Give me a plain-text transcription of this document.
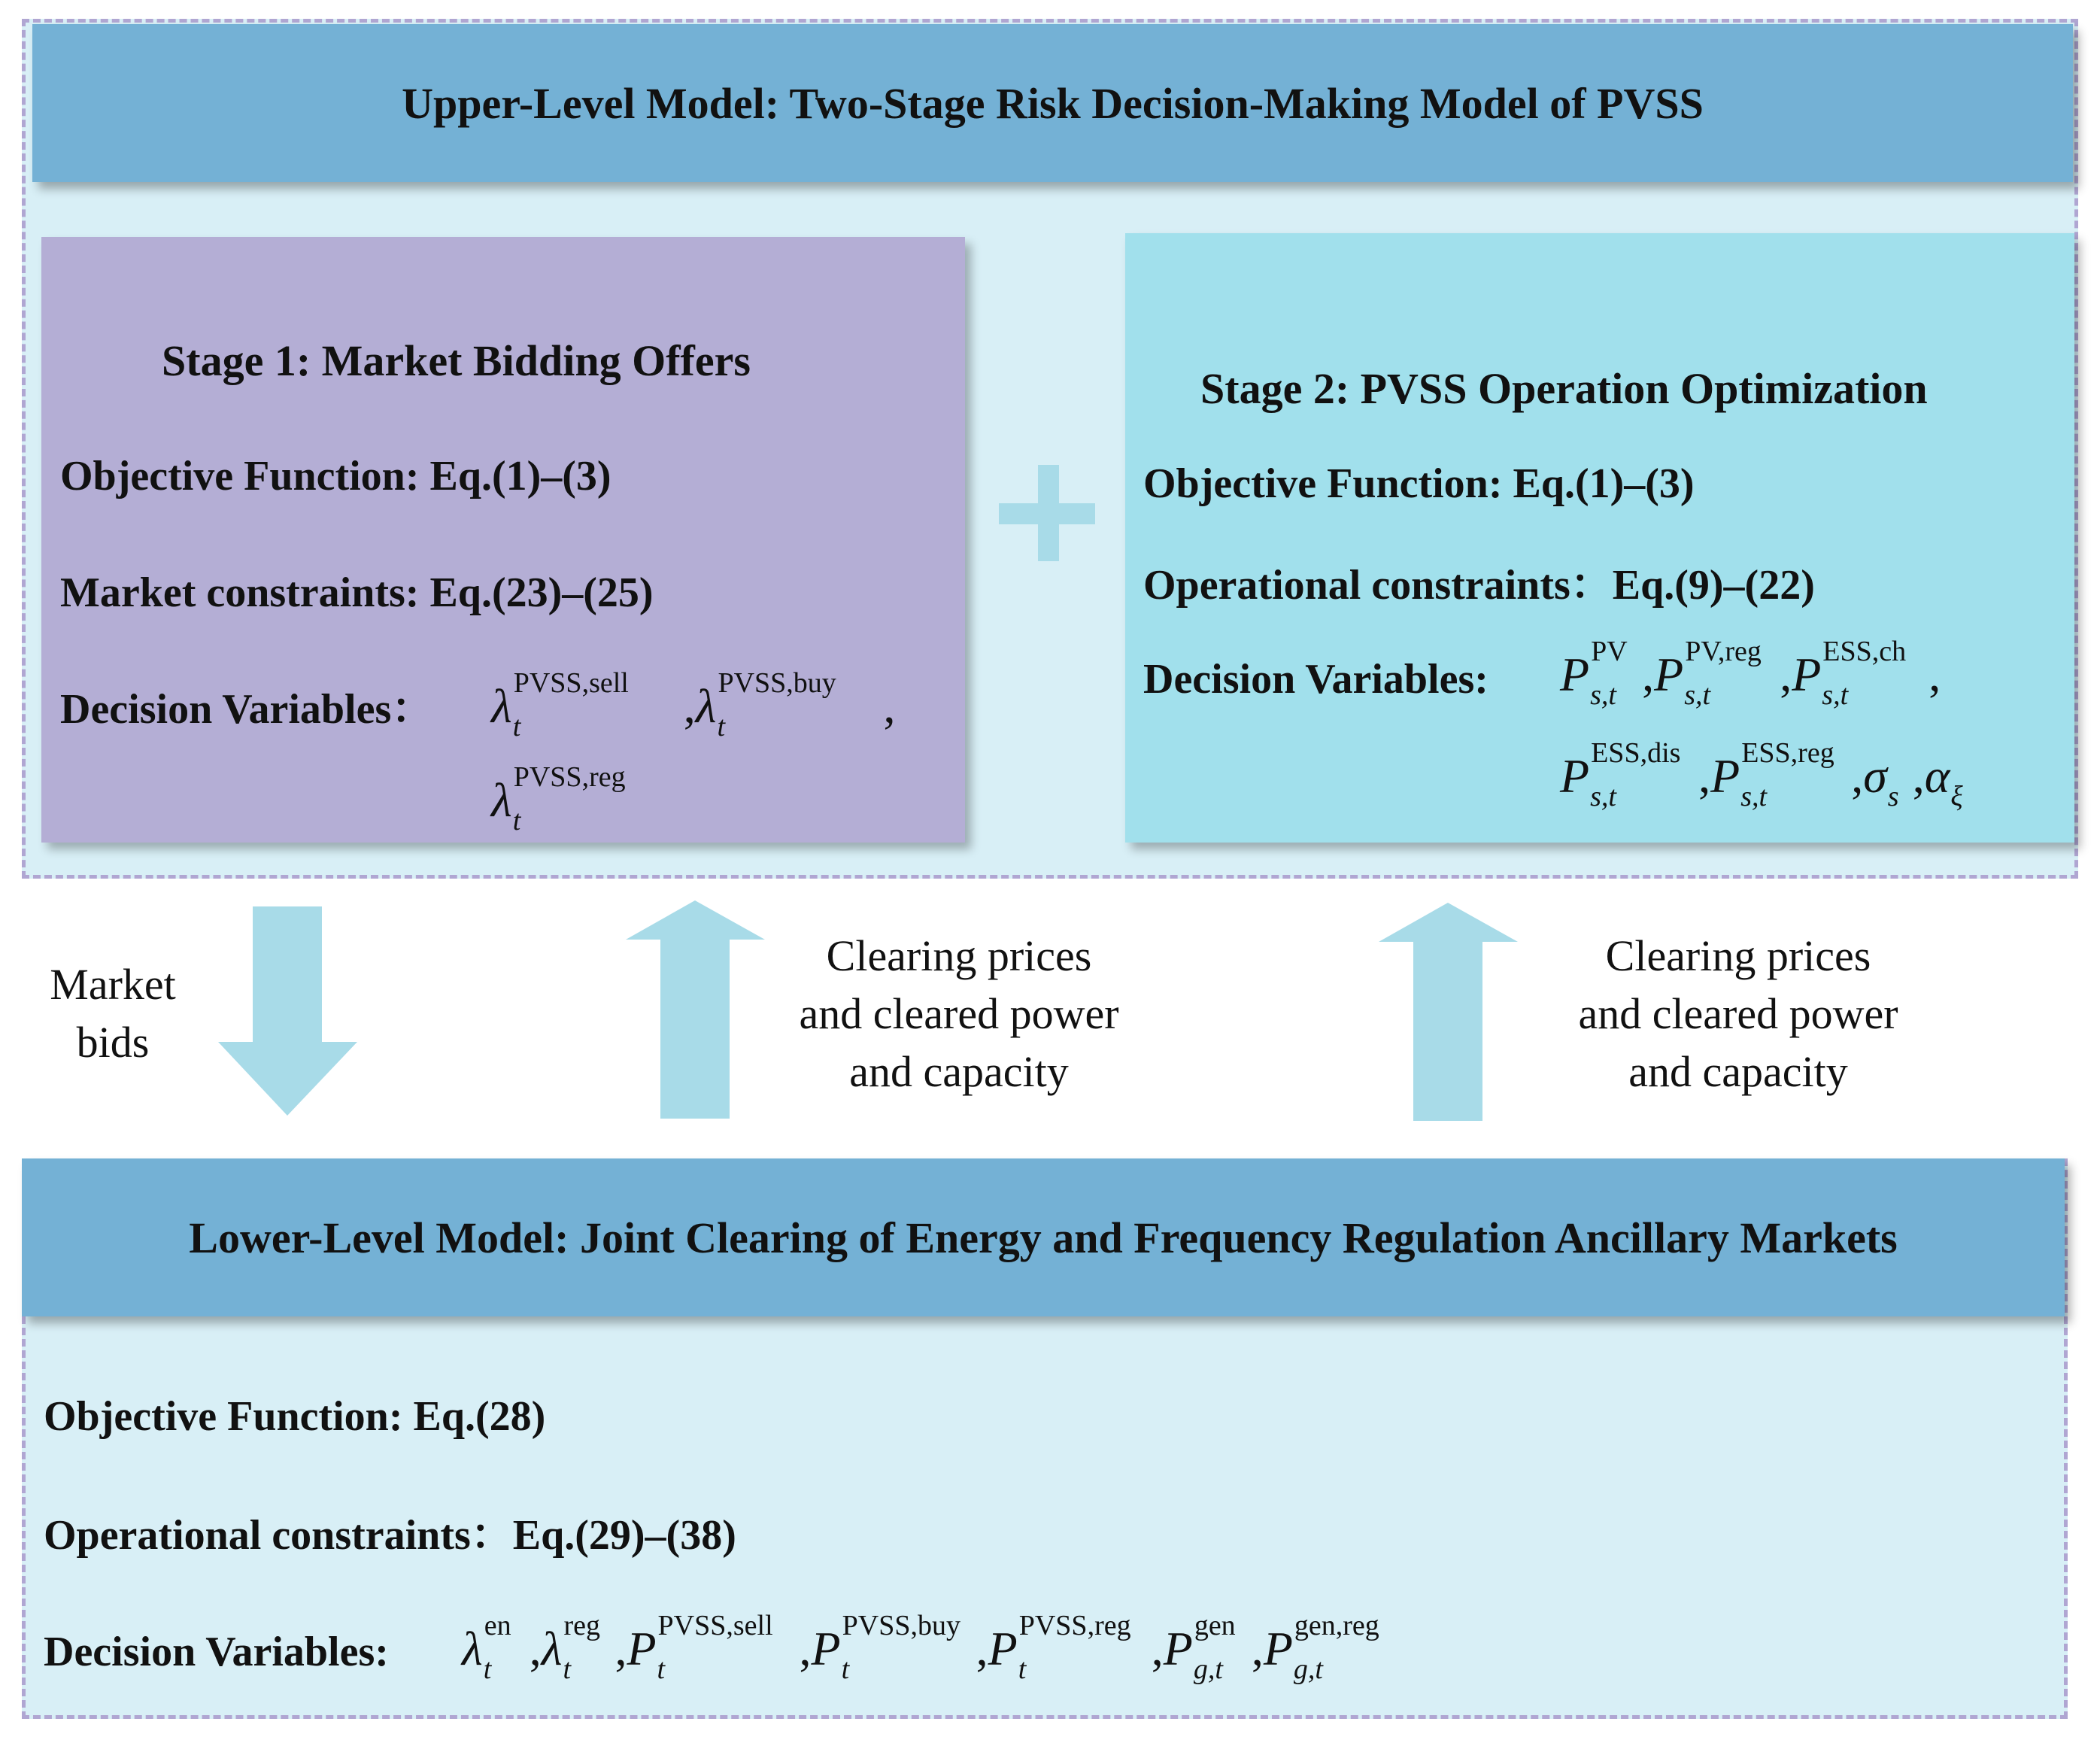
Upper-Level Model: Two-Stage Risk Decision-Making Model of PVSS
Stage 1: Market Bidding Offers
Objective Function: Eq.(1)–(3)
Market constraints: Eq.(23)–(25)
Decision Variables： λ PVSS,sell
t	,λ PVSS,buy
t	,
λ PVSS,reg
t
Stage 2: PVSS Operation Optimization
Objective Function: Eq.(1)–(3)
Operational constraints：Eq.(9)–(22)
Decision Variables: P PV
s,t ,P PV,reg
s,t ,P ESS,ch
s,t ,
P ESS,dis
s,t ,P ESS,reg
s,t ,σ s ,α ξ
Market
bids
Clearing prices
and cleared power
and capacity
Clearing prices
and cleared power
and capacity
Lower-Level Model: Joint Clearing of Energy and Frequency Regulation Ancillary Markets
Objective Function: Eq.(28)
Operational constraints：Eq.(29)–(38)
Decision Variables: λ en
t ,λ reg
t ,P PVSS,sell
t	,P PVSS,buy
t	,P PVSS,reg
t	,P gen
g,t ,P gen,reg
g,t
